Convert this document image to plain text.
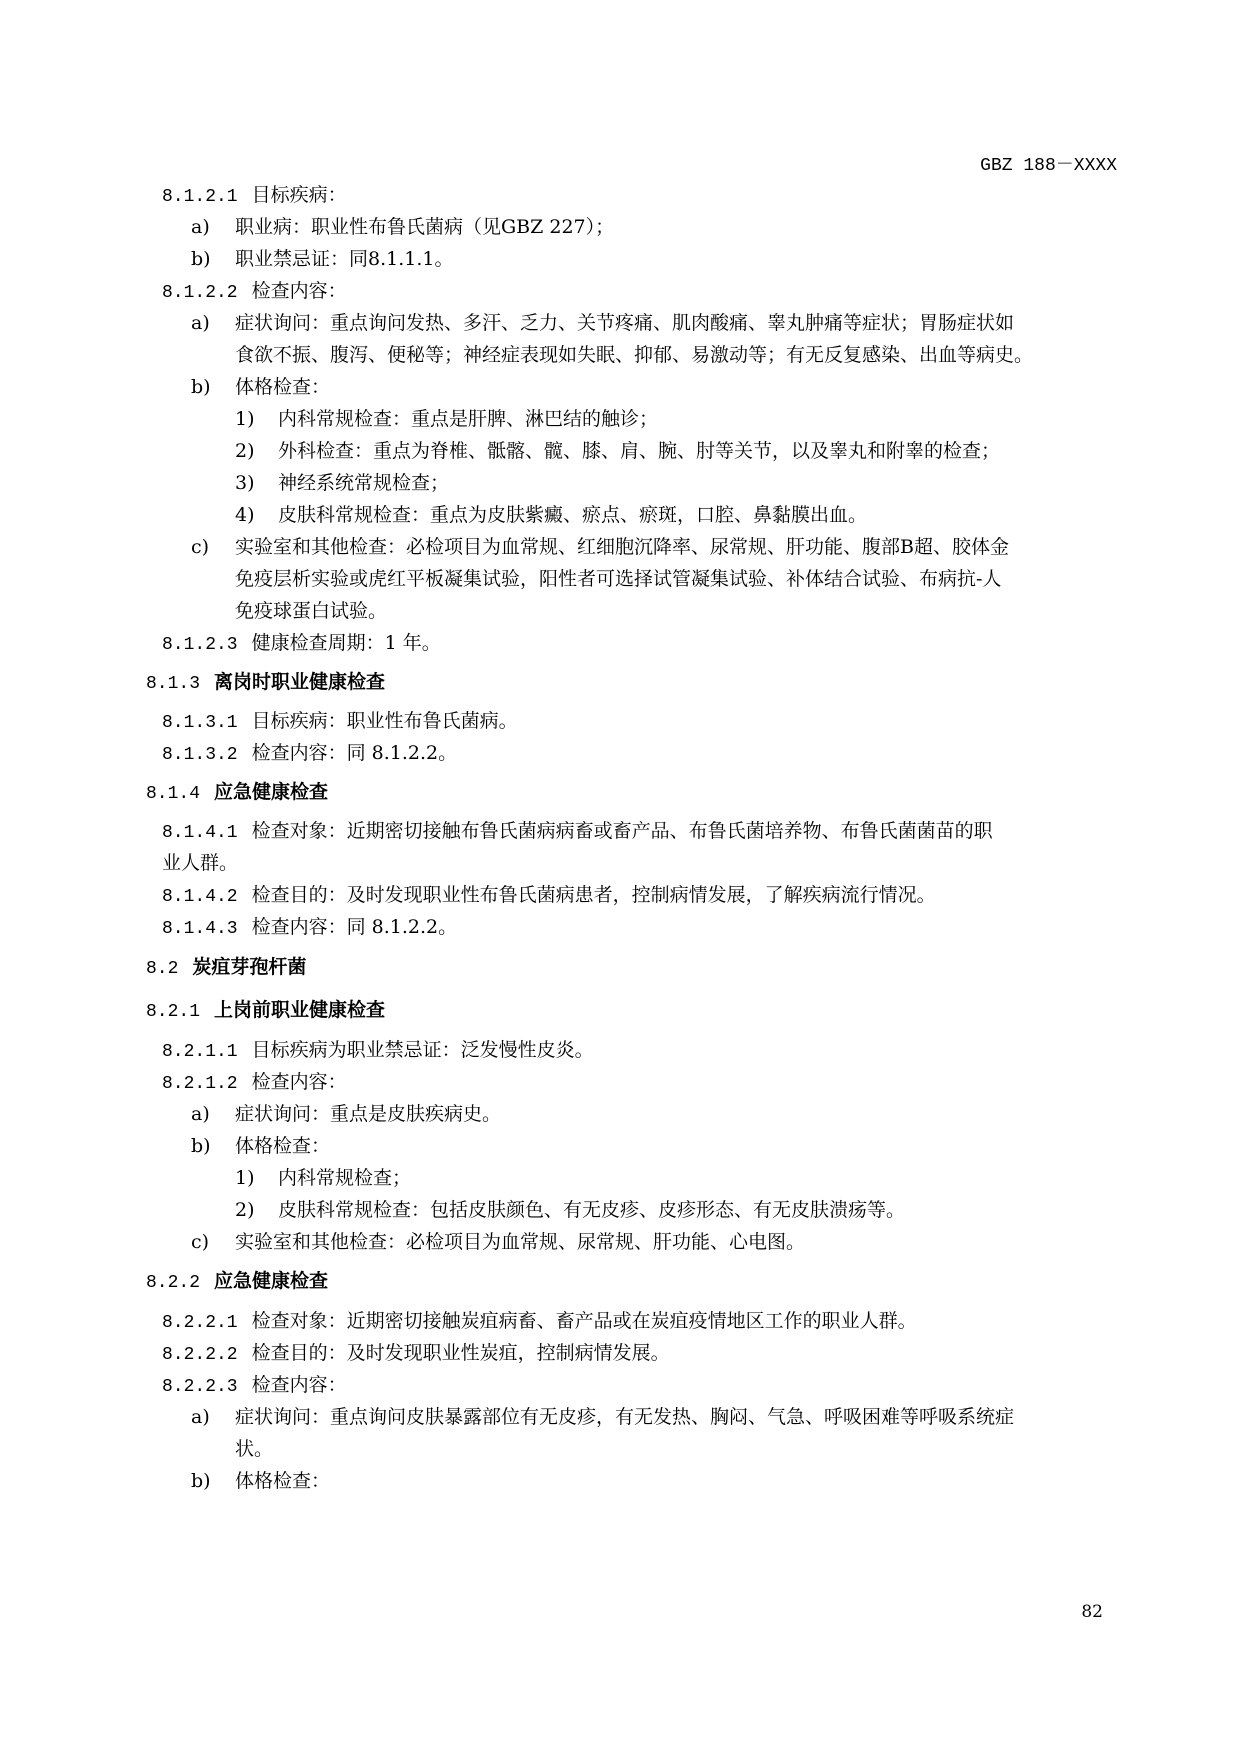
GBZ 188－XXXX
8.1.2.1 目标疾病：
a) 职业病：职业性布鲁氏菌病（见GBZ 227）；
b) 职业禁忌证：同8.1.1.1。
8.1.2.2 检查内容：
a) 症状询问：重点询问发热、多汗、乏力、关节疼痛、肌肉酸痛、睾丸肿痛等症状；胃肠症状如
食欲不振、腹泻、便秘等；神经症表现如失眠、抑郁、易激动等；有无反复感染、出血等病史。
b) 体格检查：
1) 内科常规检查：重点是肝脾、淋巴结的触诊；
2) 外科检查：重点为脊椎、骶髂、髋、膝、肩、腕、肘等关节，以及睾丸和附睾的检查；
3) 神经系统常规检查；
4) 皮肤科常规检查：重点为皮肤紫癜、瘀点、瘀斑，口腔、鼻黏膜出血。
c) 实验室和其他检查：必检项目为血常规、红细胞沉降率、尿常规、肝功能、腹部B超、胶体金
免疫层析实验或虎红平板凝集试验，阳性者可选择试管凝集试验、补体结合试验、布病抗-人
免疫球蛋白试验。
8.1.2.3 健康检查周期：1 年。
8.1.3 离岗时职业健康检查
8.1.3.1 目标疾病：职业性布鲁氏菌病。
8.1.3.2 检查内容：同 8.1.2.2。
8.1.4 应急健康检查
8.1.4.1 检查对象：近期密切接触布鲁氏菌病病畜或畜产品、布鲁氏菌培养物、布鲁氏菌菌苗的职
业人群。
8.1.4.2 检查目的：及时发现职业性布鲁氏菌病患者，控制病情发展，了解疾病流行情况。
8.1.4.3 检查内容：同 8.1.2.2。
8.2 炭疽芽孢杆菌
8.2.1 上岗前职业健康检查
8.2.1.1 目标疾病为职业禁忌证：泛发慢性皮炎。
8.2.1.2 检查内容：
a) 症状询问：重点是皮肤疾病史。
b) 体格检查：
1) 内科常规检查；
2) 皮肤科常规检查：包括皮肤颜色、有无皮疹、皮疹形态、有无皮肤溃疡等。
c) 实验室和其他检查：必检项目为血常规、尿常规、肝功能、心电图。
8.2.2 应急健康检查
8.2.2.1 检查对象：近期密切接触炭疽病畜、畜产品或在炭疽疫情地区工作的职业人群。
8.2.2.2 检查目的：及时发现职业性炭疽，控制病情发展。
8.2.2.3 检查内容：
a) 症状询问：重点询问皮肤暴露部位有无皮疹，有无发热、胸闷、气急、呼吸困难等呼吸系统症
状。
b) 体格检查：
82
